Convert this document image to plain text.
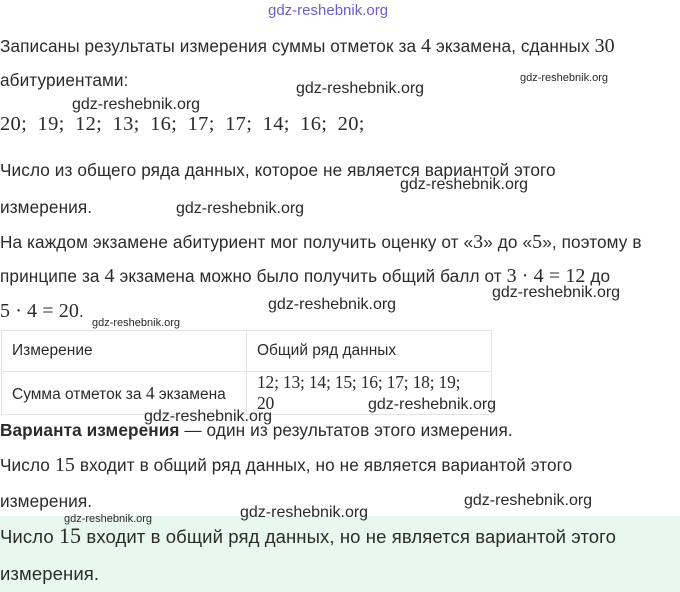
gdz-reshebnik.org
Записаны результаты измерения суммы отметок за 4 экзамена, сданных 30
абитуриентами:
20; 19; 12; 13; 16; 17; 17; 14; 16; 20;
Число из общего ряда данных, которое не является вариантой этого
измерения.
На каждом экзамене абитуриент мог получить оценку от «3» до «5», поэтому в
принципе за 4 экзамена можно было получить общий балл от 3 · 4 = 12 до
5 · 4 = 20.
Измерение	Общий ряд данных
Сумма отметок за 4 экзамена	12; 13; 14; 15; 16; 17; 18; 19; 20
Варианта измерения — один из результатов этого измерения.
Число 15 входит в общий ряд данных, но не является вариантой этого
измерения.
Число 15 входит в общий ряд данных, но не является вариантой этого
измерения.
gdz-reshebnik.org
gdz-reshebnik.org
gdz-reshebnik.org
gdz-reshebnik.org
gdz-reshebnik.org
gdz-reshebnik.org
gdz-reshebnik.org
gdz-reshebnik.org
gdz-reshebnik.org
gdz-reshebnik.org
gdz-reshebnik.org
gdz-reshebnik.org
gdz-reshebnik.org
